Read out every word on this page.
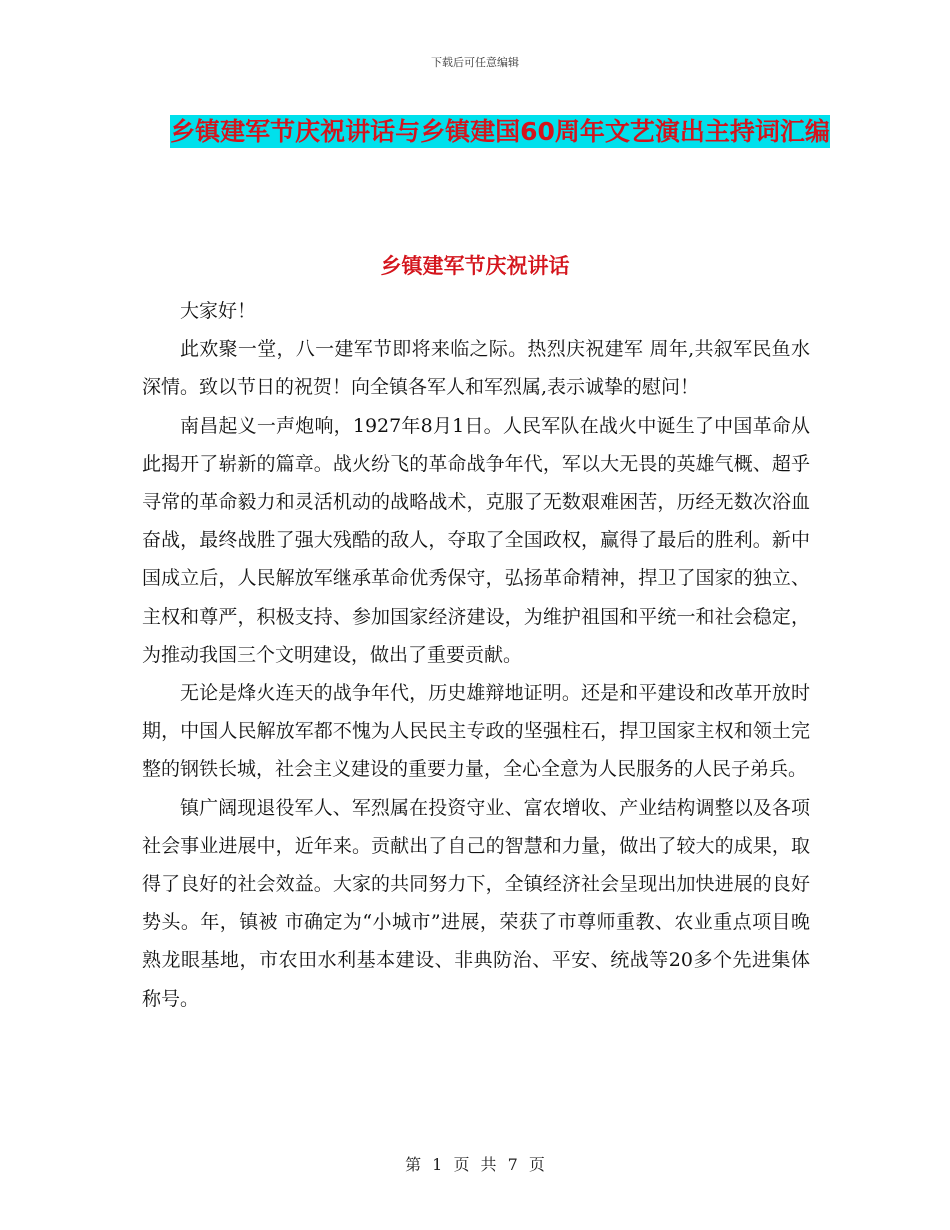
下载后可任意编辑
乡镇建军节庆祝讲话与乡镇建国60周年文艺演出主持词汇编
乡镇建军节庆祝讲话

大家好！

此欢聚一堂，八一建军节即将来临之际。热烈庆祝建军 周年,共叙军民鱼水深情。致以节日的祝贺！向全镇各军人和军烈属,表示诚挚的慰问！

南昌起义一声炮响，1927年8月1日。人民军队在战火中诞生了中国革命从此揭开了崭新的篇章。战火纷飞的革命战争年代，军以大无畏的英雄气概、超乎寻常的革命毅力和灵活机动的战略战术，克服了无数艰难困苦，历经无数次浴血奋战，最终战胜了强大残酷的敌人，夺取了全国政权，赢得了最后的胜利。新中国成立后，人民解放军继承革命优秀保守，弘扬革命精神，捍卫了国家的独立、主权和尊严，积极支持、参加国家经济建设，为维护祖国和平统一和社会稳定，为推动我国三个文明建设，做出了重要贡献。

无论是烽火连天的战争年代，历史雄辩地证明。还是和平建设和改革开放时期，中国人民解放军都不愧为人民民主专政的坚强柱石，捍卫国家主权和领土完整的钢铁长城，社会主义建设的重要力量，全心全意为人民服务的人民子弟兵。

镇广阔现退役军人、军烈属在投资守业、富农增收、产业结构调整以及各项社会事业进展中，近年来。贡献出了自己的智慧和力量，做出了较大的成果，取得了良好的社会效益。大家的共同努力下，全镇经济社会呈现出加快进展的良好势头。年，镇被 市确定为“小城市”进展，荣获了市尊师重教、农业重点项目晚熟龙眼基地，市农田水利基本建设、非典防治、平安、统战等20多个先进集体称号。

第 1 页 共 7 页
